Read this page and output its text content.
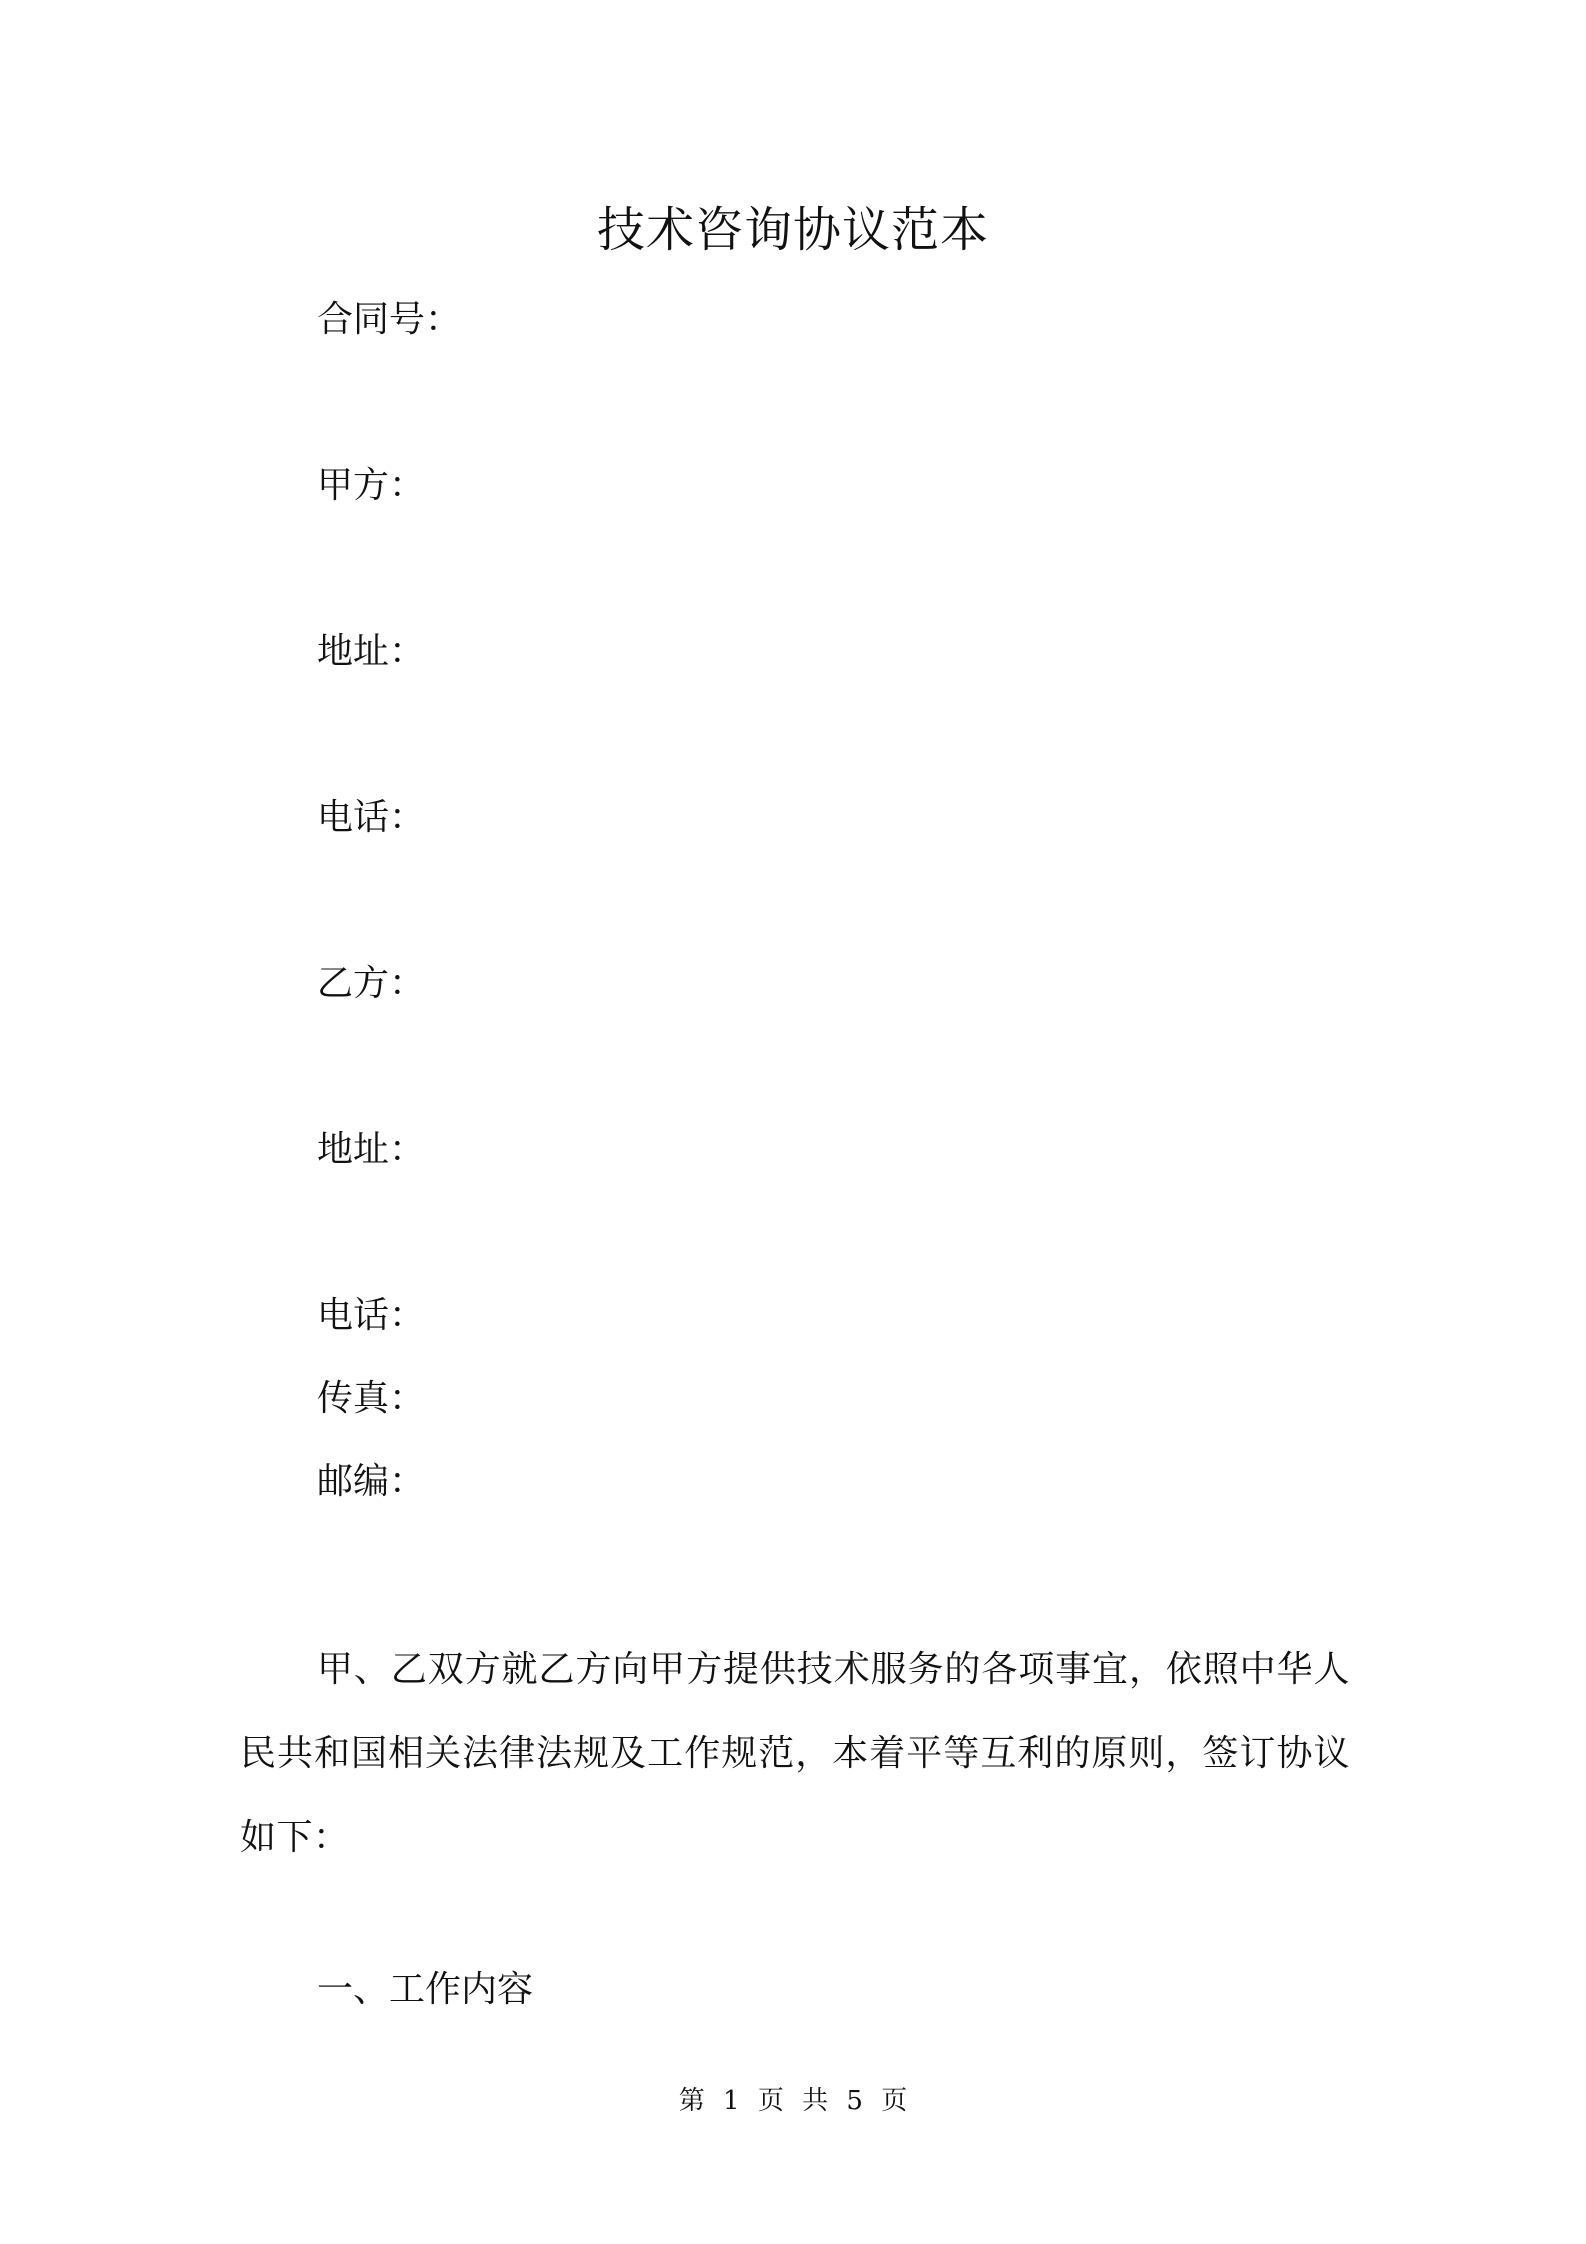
技术咨询协议范本
合同号：
甲方：
地址：
电话：
乙方：
地址：
电话：
传真：
邮编：
甲、乙双方就乙方向甲方提供技术服务的各项事宜，依照中华人民共和国相关法律法规及工作规范，本着平等互利的原则，签订协议如下：
一、工作内容
第 1 页 共 5 页
